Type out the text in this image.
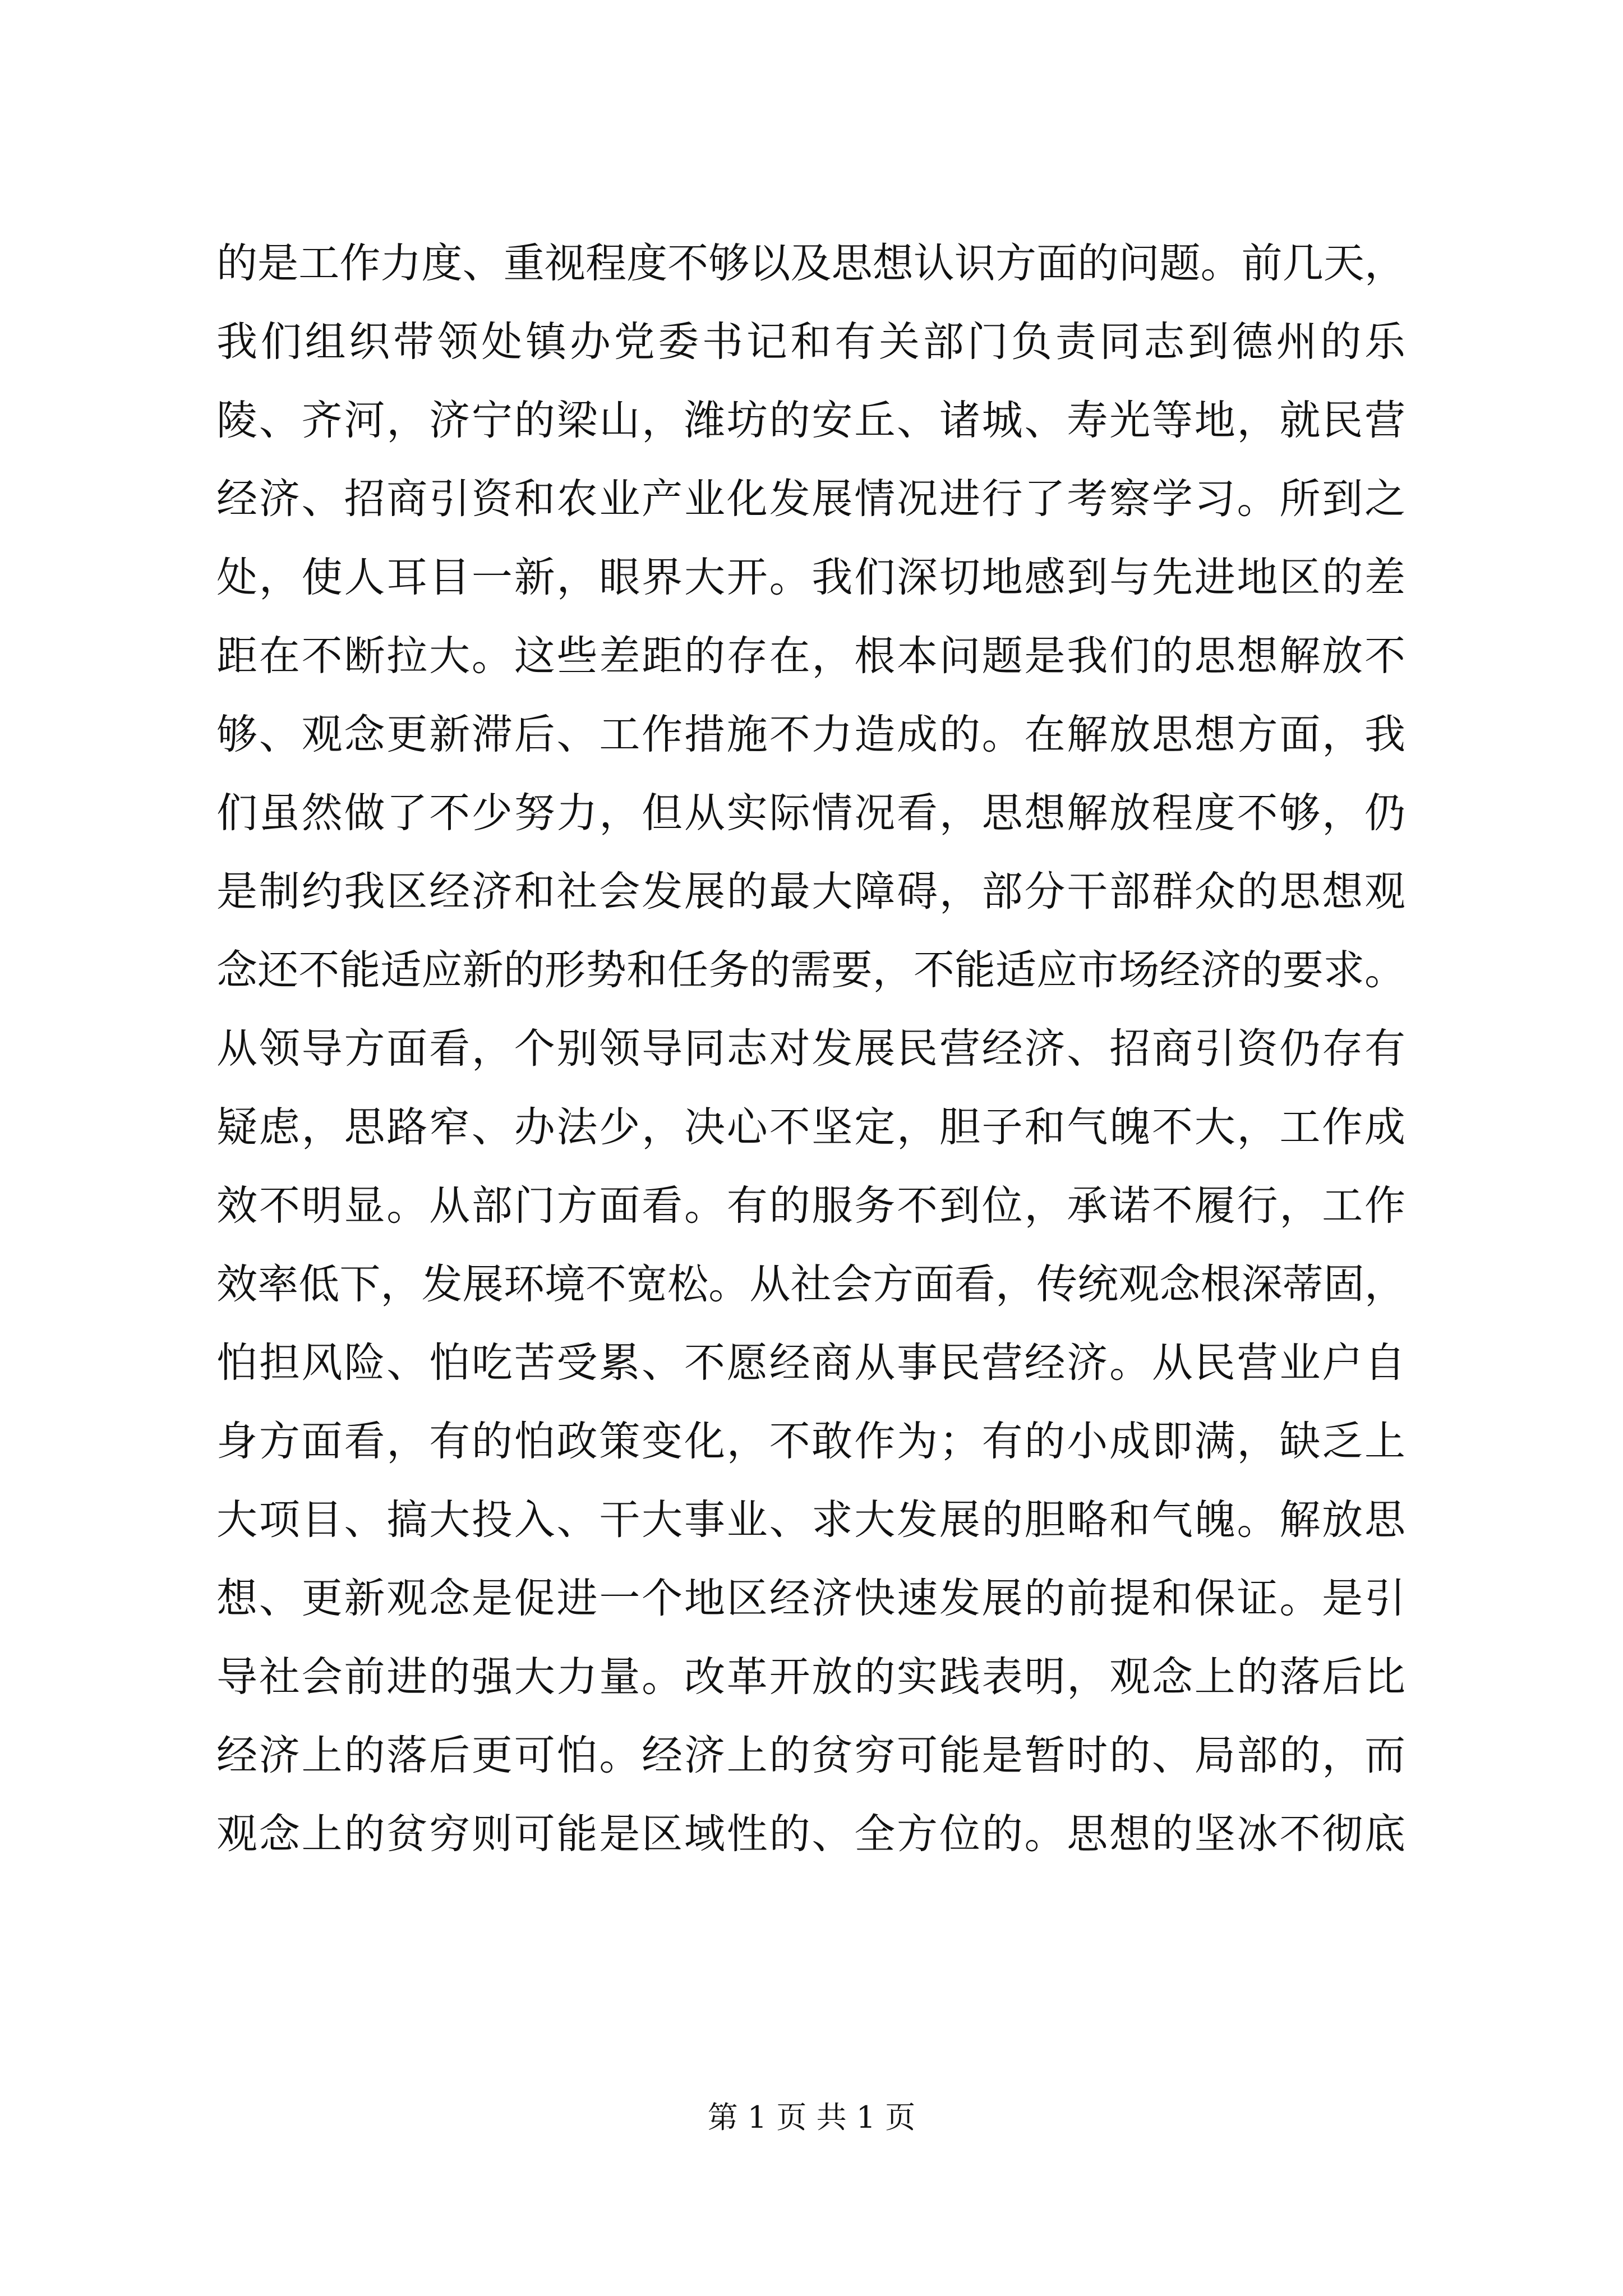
的是工作力度、重视程度不够以及思想认识方面的问题。前几天，
我们组织带领处镇办党委书记和有关部门负责同志到德州的乐
陵、齐河，济宁的梁山，潍坊的安丘、诸城、寿光等地，就民营
经济、招商引资和农业产业化发展情况进行了考察学习。所到之
处，使人耳目一新，眼界大开。我们深切地感到与先进地区的差
距在不断拉大。这些差距的存在，根本问题是我们的思想解放不
够、观念更新滞后、工作措施不力造成的。在解放思想方面，我
们虽然做了不少努力，但从实际情况看，思想解放程度不够，仍
是制约我区经济和社会发展的最大障碍，部分干部群众的思想观
念还不能适应新的形势和任务的需要，不能适应市场经济的要求。
从领导方面看，个别领导同志对发展民营经济、招商引资仍存有
疑虑，思路窄、办法少，决心不坚定，胆子和气魄不大，工作成
效不明显。从部门方面看。有的服务不到位，承诺不履行，工作
效率低下，发展环境不宽松。从社会方面看，传统观念根深蒂固，
怕担风险、怕吃苦受累、不愿经商从事民营经济。从民营业户自
身方面看，有的怕政策变化，不敢作为；有的小成即满，缺乏上
大项目、搞大投入、干大事业、求大发展的胆略和气魄。解放思
想、更新观念是促进一个地区经济快速发展的前提和保证。是引
导社会前进的强大力量。改革开放的实践表明，观念上的落后比
经济上的落后更可怕。经济上的贫穷可能是暂时的、局部的，而
观念上的贫穷则可能是区域性的、全方位的。思想的坚冰不彻底
第 1 页 共 1 页
